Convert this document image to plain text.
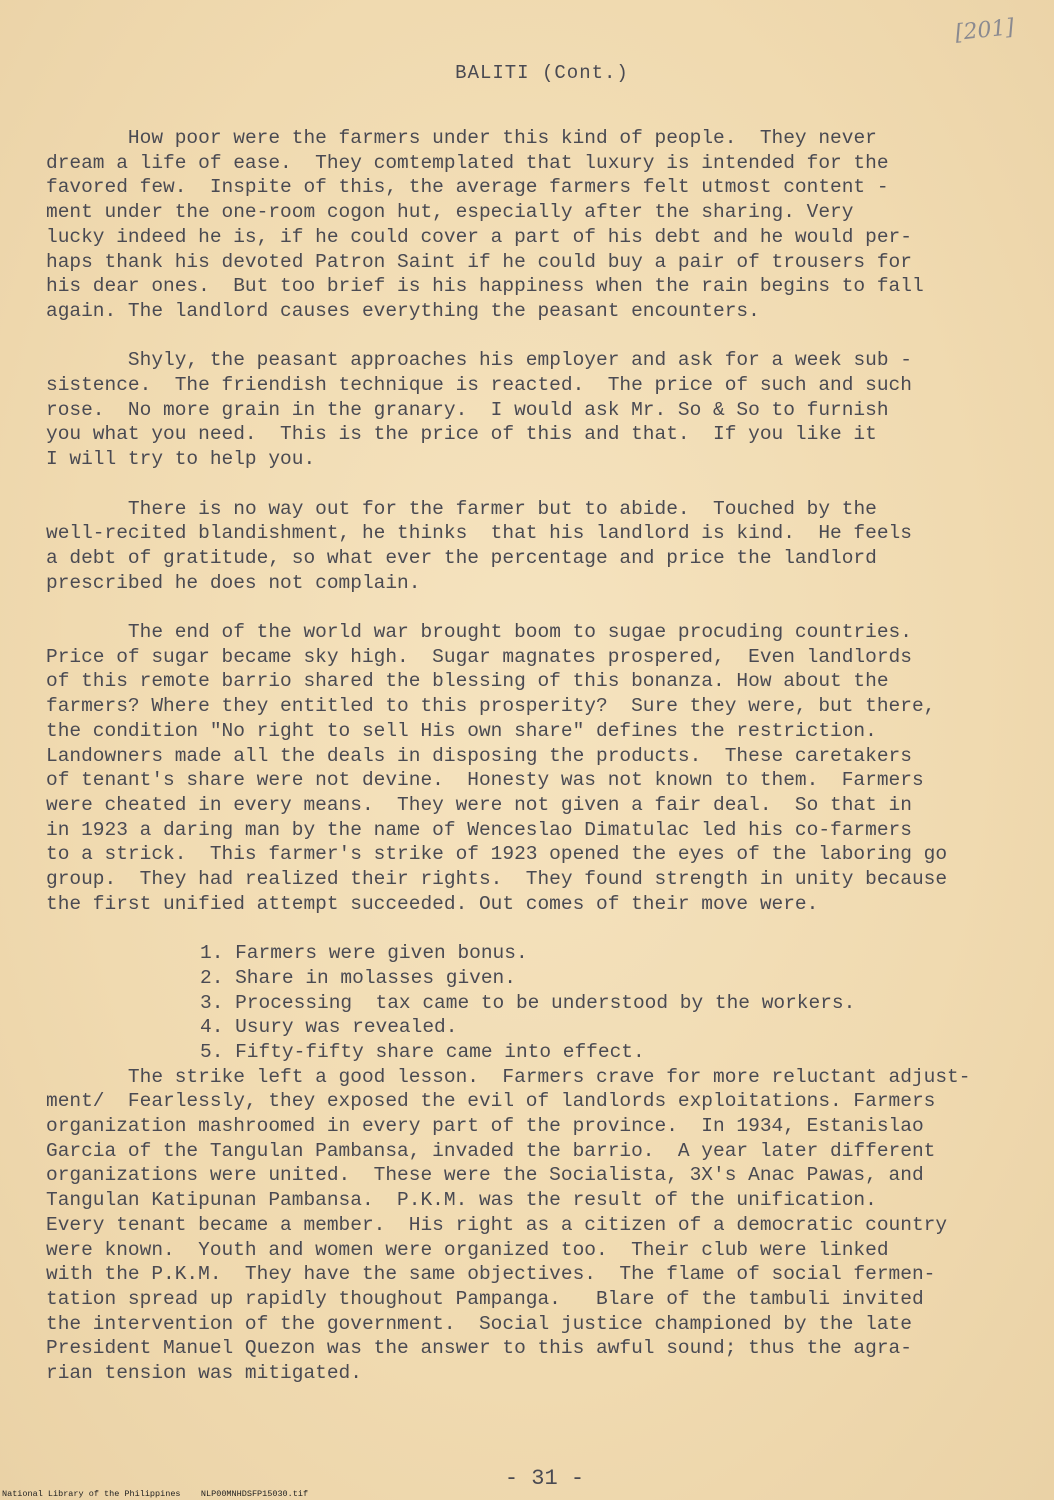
[201]
BALITI (Cont.)

How poor were the farmers under this kind of people.  They never

dream a life of ease.  They comtemplated that luxury is intended for the

favored few.  Inspite of this, the average farmers felt utmost content -

ment under the one-room cogon hut, especially after the sharing. Very

lucky indeed he is, if he could cover a part of his debt and he would per-

haps thank his devoted Patron Saint if he could buy a pair of trousers for

his dear ones.  But too brief is his happiness when the rain begins to fall

again. The landlord causes everything the peasant encounters.

Shyly, the peasant approaches his employer and ask for a week sub -

sistence.  The friendish technique is reacted.  The price of such and such

rose.  No more grain in the granary.  I would ask Mr. So & So to furnish

you what you need.  This is the price of this and that.  If you like it

I will try to help you.

There is no way out for the farmer but to abide.  Touched by the

well-recited blandishment, he thinks  that his landlord is kind.  He feels

a debt of gratitude, so what ever the percentage and price the landlord

prescribed he does not complain.

The end of the world war brought boom to sugae procuding countries.

Price of sugar became sky high.  Sugar magnates prospered,  Even landlords

of this remote barrio shared the blessing of this bonanza. How about the

farmers? Where they entitled to this prosperity?  Sure they were, but there,

the condition "No right to sell His own share" defines the restriction.

Landowners made all the deals in disposing the products.  These caretakers

of tenant's share were not devine.  Honesty was not known to them.  Farmers

were cheated in every means.  They were not given a fair deal.  So that in

in 1923 a daring man by the name of Wenceslao Dimatulac led his co-farmers

to a strick.  This farmer's strike of 1923 opened the eyes of the laboring go

group.  They had realized their rights.  They found strength in unity because

the first unified attempt succeeded. Out comes of their move were.

1. Farmers were given bonus.
2. Share in molasses given.
3. Processing  tax came to be understood by the workers.
4. Usury was revealed.
5. Fifty-fifty share came into effect.

The strike left a good lesson.  Farmers crave for more reluctant adjust-

ment/  Fearlessly, they exposed the evil of landlords exploitations. Farmers

organization mashroomed in every part of the province.  In 1934, Estanislao

Garcia of the Tangulan Pambansa, invaded the barrio.  A year later different

organizations were united.  These were the Socialista, 3X's Anac Pawas, and

Tangulan Katipunan Pambansa.  P.K.M. was the result of the unification.

Every tenant became a member.  His right as a citizen of a democratic country

were known.  Youth and women were organized too.  Their club were linked

with the P.K.M.  They have the same objectives.  The flame of social fermen-

tation spread up rapidly thoughout Pampanga.   Blare of the tambuli invited

the intervention of the government.  Social justice championed by the late

President Manuel Quezon was the answer to this awful sound; thus the agra-

rian tension was mitigated.

- 31 -
National Library of the Philippines    NLP00MNHDSFP15030.tif
